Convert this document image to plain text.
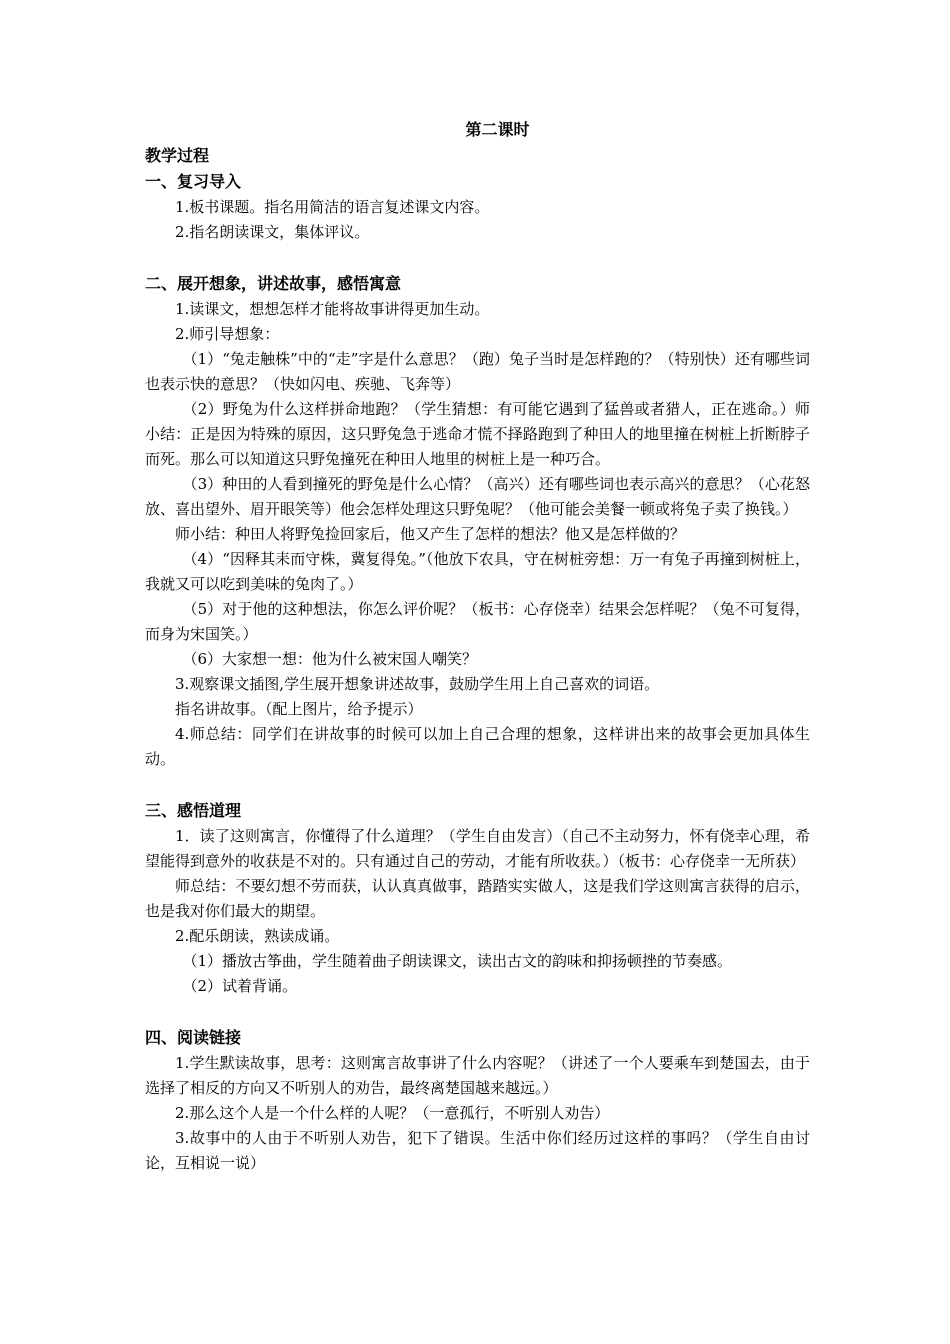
第二课时
教学过程
一、复习导入

1.板书课题。指名用简洁的语言复述课文内容。

2.指名朗读课文，集体评议。

二、展开想象，讲述故事，感悟寓意

1.读课文，想想怎样才能将故事讲得更加生动。

2.师引导想象：

（1）“兔走触株”中的“走”字是什么意思？（跑）兔子当时是怎样跑的？（特别快）还有哪些词也表示快的意思？（快如闪电、疾驰、飞奔等）

（2）野兔为什么这样拼命地跑？（学生猜想：有可能它遇到了猛兽或者猎人，正在逃命。）师小结：正是因为特殊的原因，这只野兔急于逃命才慌不择路跑到了种田人的地里撞在树桩上折断脖子而死。那么可以知道这只野兔撞死在种田人地里的树桩上是一种巧合。

（3）种田的人看到撞死的野兔是什么心情？（高兴）还有哪些词也表示高兴的意思？（心花怒放、喜出望外、眉开眼笑等）他会怎样处理这只野兔呢？（他可能会美餐一顿或将兔子卖了换钱。）

师小结：种田人将野兔捡回家后，他又产生了怎样的想法？他又是怎样做的？

（4）“因释其耒而守株，冀复得兔。”（他放下农具，守在树桩旁想：万一有兔子再撞到树桩上，我就又可以吃到美味的兔肉了。）

（5）对于他的这种想法，你怎么评价呢？（板书：心存侥幸）结果会怎样呢？（兔不可复得，而身为宋国笑。）

（6）大家想一想：他为什么被宋国人嘲笑？

3.观察课文插图,学生展开想象讲述故事，鼓励学生用上自己喜欢的词语。

指名讲故事。（配上图片，给予提示）

4.师总结：同学们在讲故事的时候可以加上自己合理的想象，这样讲出来的故事会更加具体生动。

三、感悟道理

1．读了这则寓言，你懂得了什么道理？（学生自由发言）（自己不主动努力，怀有侥幸心理，希望能得到意外的收获是不对的。只有通过自己的劳动，才能有所收获。）（板书：心存侥幸一无所获）

师总结：不要幻想不劳而获，认认真真做事，踏踏实实做人，这是我们学这则寓言获得的启示，也是我对你们最大的期望。

2.配乐朗读，熟读成诵。

（1）播放古筝曲，学生随着曲子朗读课文，读出古文的韵味和抑扬顿挫的节奏感。

（2）试着背诵。

四、阅读链接

1.学生默读故事，思考：这则寓言故事讲了什么内容呢？（讲述了一个人要乘车到楚国去，由于选择了相反的方向又不听别人的劝告，最终离楚国越来越远。）

2.那么这个人是一个什么样的人呢？（一意孤行，不听别人劝告）

3.故事中的人由于不听别人劝告，犯下了错误。生活中你们经历过这样的事吗？（学生自由讨论，互相说一说）
